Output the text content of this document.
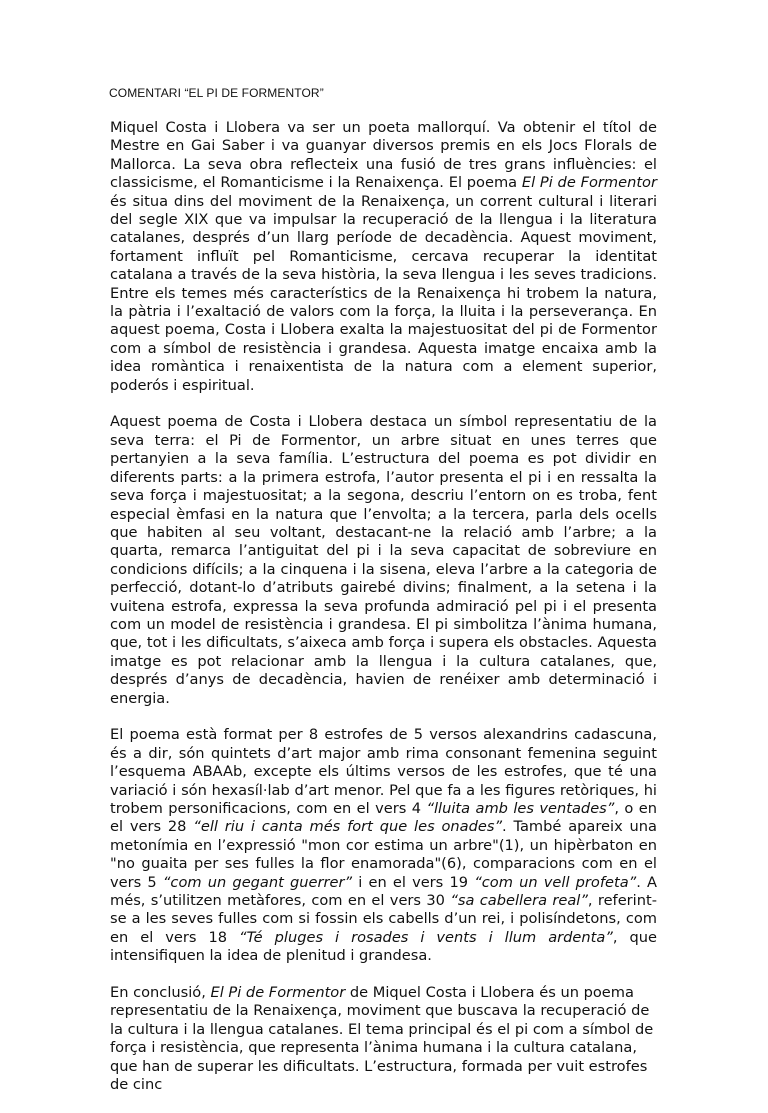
COMENTARI “EL PI DE FORMENTOR”

Miquel Costa i Llobera va ser un poeta mallorquí. Va obtenir el títol de Mestre en Gai Saber i va guanyar diversos premis en els Jocs Florals de Mallorca. La seva obra reflecteix una fusió de tres grans influències: el classicisme, el Romanticisme i la Renaixença. El poema El Pi de Formentor és situa dins del moviment de la Renaixença, un corrent cultural i literari del segle XIX que va impulsar la recuperació de la llengua i la literatura catalanes, després d’un llarg període de decadència. Aquest moviment, fortament influït pel Romanticisme, cercava recuperar la identitat catalana a través de la seva història, la seva llengua i les seves tradicions. Entre els temes més característics de la Renaixença hi trobem la natura, la pàtria i l’exaltació de valors com la força, la lluita i la perseverança. En aquest poema, Costa i Llobera exalta la majestuositat del pi de Formentor com a símbol de resistència i grandesa. Aquesta imatge encaixa amb la idea romàntica i renaixentista de la natura com a element superior, poderós i espiritual.

Aquest poema de Costa i Llobera destaca un símbol representatiu de la seva terra: el Pi de Formentor, un arbre situat en unes terres que pertanyien a la seva família. L’estructura del poema es pot dividir en diferents parts: a la primera estrofa, l’autor presenta el pi i en ressalta la seva força i majestuositat; a la segona, descriu l’entorn on es troba, fent especial èmfasi en la natura que l’envolta; a la tercera, parla dels ocells que habiten al seu voltant, destacant-ne la relació amb l’arbre; a la quarta, remarca l’antiguitat del pi i la seva capacitat de sobreviure en condicions difícils; a la cinquena i la sisena, eleva l’arbre a la categoria de perfecció, dotant-lo d’atributs gairebé divins; finalment, a la setena i la vuitena estrofa, expressa la seva profunda admiració pel pi i el presenta com un model de resistència i grandesa. El pi simbolitza l’ànima humana, que, tot i les dificultats, s’aixeca amb força i supera els obstacles. Aquesta imatge es pot relacionar amb la llengua i la cultura catalanes, que, després d’anys de decadència, havien de renéixer amb determinació i energia.

El poema està format per 8 estrofes de 5 versos alexandrins cadascuna, és a dir, són quintets d’art major amb rima consonant femenina seguint l’esquema ABAAb, excepte els últims versos de les estrofes, que té una variació i són hexasíl·lab d’art menor. Pel que fa a les figures retòriques, hi trobem personificacions, com en el vers 4 “lluita amb les ventades”, o en el vers 28 “ell riu i canta més fort que les onades”. També apareix una metonímia en l’expressió "mon cor estima un arbre"(1), un hipèrbaton en "no guaita per ses fulles la flor enamorada"(6), comparacions com en el vers 5 “com un gegant guerrer” i en el vers 19 “com un vell profeta”. A més, s’utilitzen metàfores, com en el vers 30 “sa cabellera real”, referint-se a les seves fulles com si fossin els cabells d’un rei, i polisíndetons, com en el vers 18 “Té pluges i rosades i vents i llum ardenta”, que intensifiquen la idea de plenitud i grandesa.

En conclusió, El Pi de Formentor de Miquel Costa i Llobera és un poema representatiu de la Renaixença, moviment que buscava la recuperació de la cultura i la llengua catalanes. El tema principal és el pi com a símbol de força i resistència, que representa l’ànima humana i la cultura catalana, que han de superar les dificultats. L’estructura, formada per vuit estrofes de cinc
